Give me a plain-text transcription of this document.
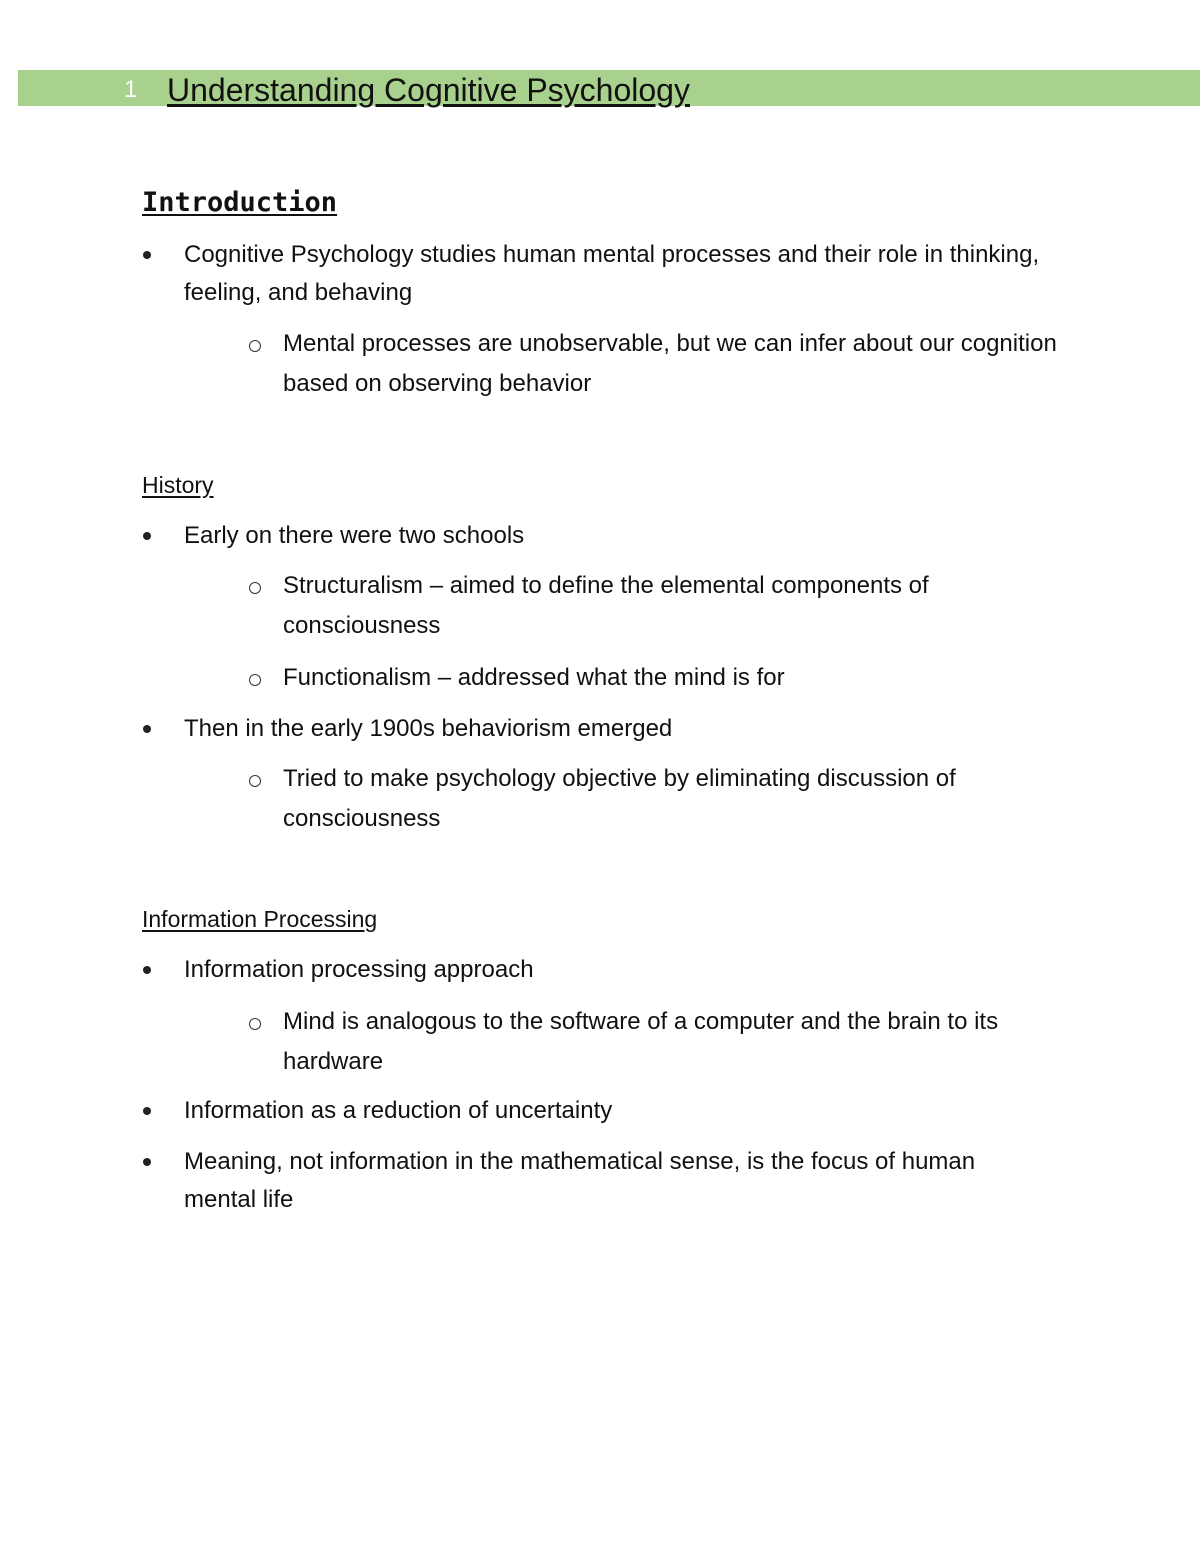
1 Understanding Cognitive Psychology
Introduction
Cognitive Psychology studies human mental processes and their role in thinking, feeling, and behaving
Mental processes are unobservable, but we can infer about our cognition based on observing behavior
History
Early on there were two schools
Structuralism – aimed to define the elemental components of consciousness
Functionalism – addressed what the mind is for
Then in the early 1900s behaviorism emerged
Tried to make psychology objective by eliminating discussion of consciousness
Information Processing
Information processing approach
Mind is analogous to the software of a computer and the brain to its hardware
Information as a reduction of uncertainty
Meaning, not information in the mathematical sense, is the focus of human mental life
